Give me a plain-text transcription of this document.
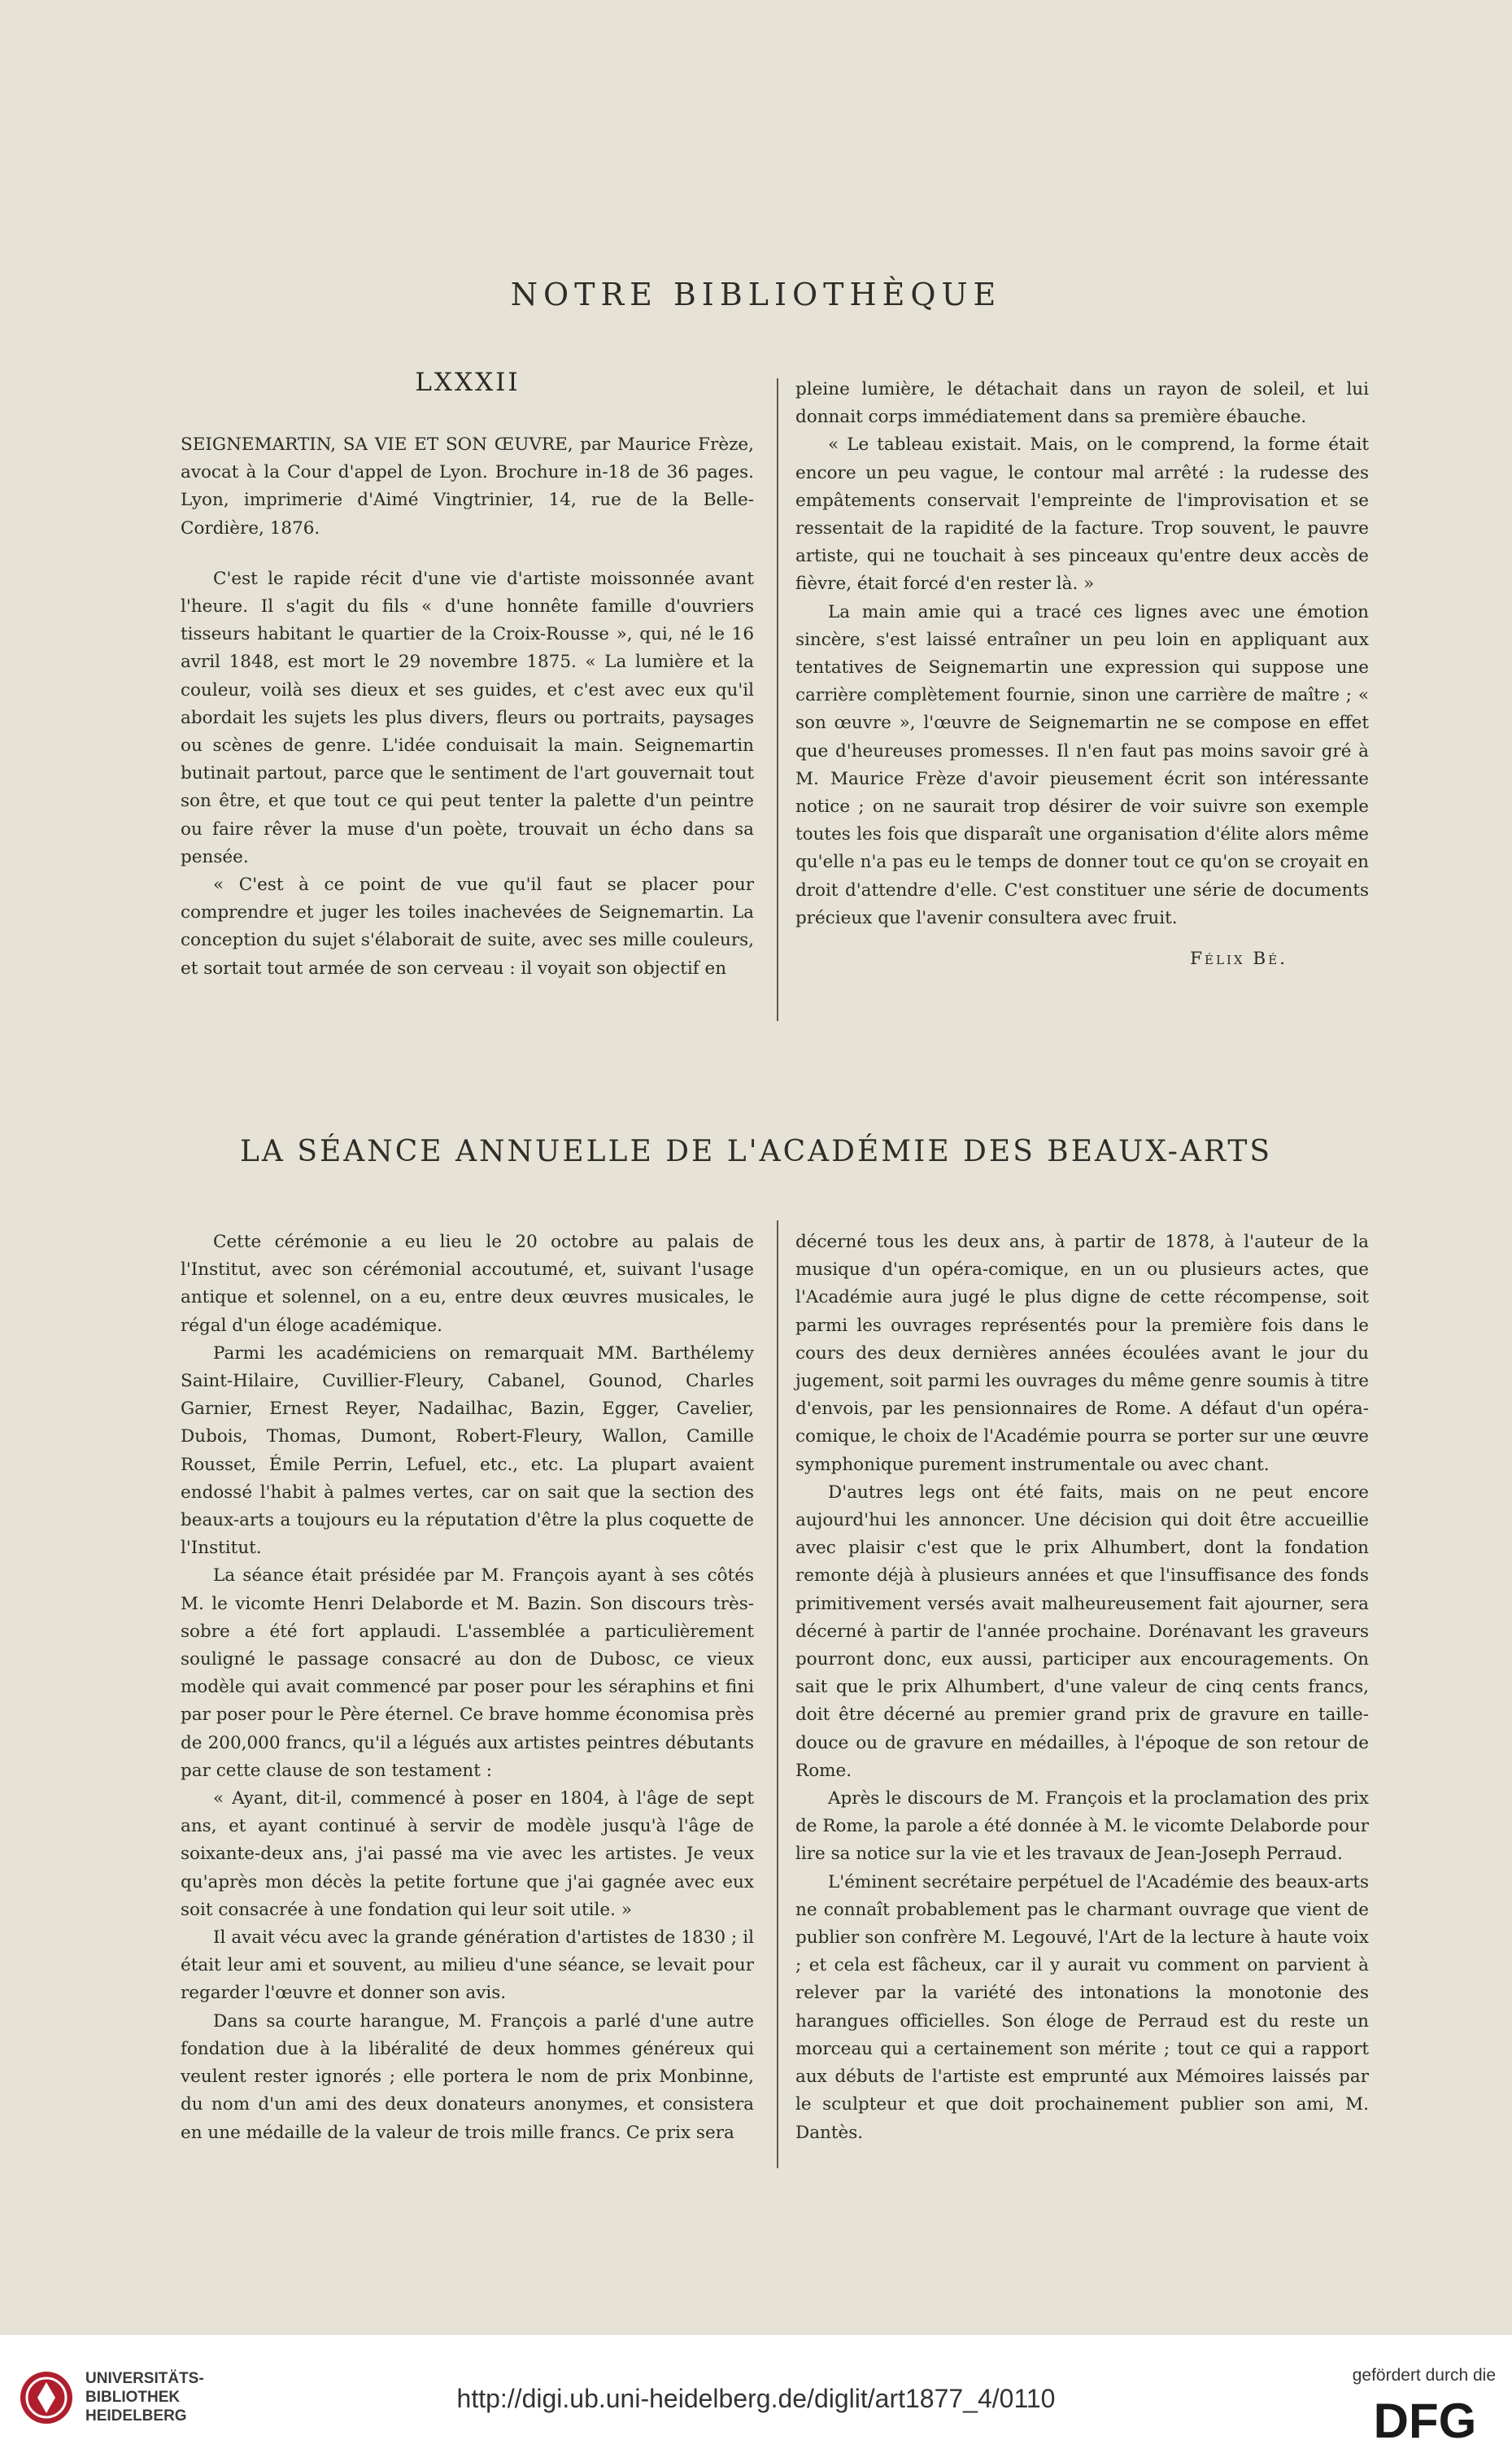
NOTRE BIBLIOTHÈQUE
LXXXII

SEIGNEMARTIN, SA VIE ET SON ŒUVRE, par Maurice Frèze, avocat à la Cour d'appel de Lyon. Brochure in-18 de 36 pages. Lyon, imprimerie d'Aimé Vingtrinier, 14, rue de la Belle-Cordière, 1876.

C'est le rapide récit d'une vie d'artiste moissonnée avant l'heure. Il s'agit du fils « d'une honnête famille d'ouvriers tisseurs habitant le quartier de la Croix-Rousse », qui, né le 16 avril 1848, est mort le 29 novembre 1875. « La lumière et la couleur, voilà ses dieux et ses guides, et c'est avec eux qu'il abordait les sujets les plus divers, fleurs ou portraits, paysages ou scènes de genre. L'idée conduisait la main. Seignemartin butinait partout, parce que le sentiment de l'art gouvernait tout son être, et que tout ce qui peut tenter la palette d'un peintre ou faire rêver la muse d'un poète, trouvait un écho dans sa pensée.

« C'est à ce point de vue qu'il faut se placer pour comprendre et juger les toiles inachevées de Seignemartin. La conception du sujet s'élaborait de suite, avec ses mille couleurs, et sortait tout armée de son cerveau : il voyait son objectif en

pleine lumière, le détachait dans un rayon de soleil, et lui donnait corps immédiatement dans sa première ébauche.

« Le tableau existait. Mais, on le comprend, la forme était encore un peu vague, le contour mal arrêté : la rudesse des empâtements conservait l'empreinte de l'improvisation et se ressentait de la rapidité de la facture. Trop souvent, le pauvre artiste, qui ne touchait à ses pinceaux qu'entre deux accès de fièvre, était forcé d'en rester là. »

La main amie qui a tracé ces lignes avec une émotion sincère, s'est laissé entraîner un peu loin en appliquant aux tentatives de Seignemartin une expression qui suppose une carrière complètement fournie, sinon une carrière de maître ; « son œuvre », l'œuvre de Seignemartin ne se compose en effet que d'heureuses promesses. Il n'en faut pas moins savoir gré à M. Maurice Frèze d'avoir pieusement écrit son intéressante notice ; on ne saurait trop désirer de voir suivre son exemple toutes les fois que disparaît une organisation d'élite alors même qu'elle n'a pas eu le temps de donner tout ce qu'on se croyait en droit d'attendre d'elle. C'est constituer une série de documents précieux que l'avenir consultera avec fruit.

Félix Bé.

LA SÉANCE ANNUELLE DE L'ACADÉMIE DES BEAUX-ARTS

Cette cérémonie a eu lieu le 20 octobre au palais de l'Institut, avec son cérémonial accoutumé, et, suivant l'usage antique et solennel, on a eu, entre deux œuvres musicales, le régal d'un éloge académique.

Parmi les académiciens on remarquait MM. Barthélemy Saint-Hilaire, Cuvillier-Fleury, Cabanel, Gounod, Charles Garnier, Ernest Reyer, Nadailhac, Bazin, Egger, Cavelier, Dubois, Thomas, Dumont, Robert-Fleury, Wallon, Camille Rousset, Émile Perrin, Lefuel, etc., etc. La plupart avaient endossé l'habit à palmes vertes, car on sait que la section des beaux-arts a toujours eu la réputation d'être la plus coquette de l'Institut.

La séance était présidée par M. François ayant à ses côtés M. le vicomte Henri Delaborde et M. Bazin. Son discours très-sobre a été fort applaudi. L'assemblée a particulièrement souligné le passage consacré au don de Dubosc, ce vieux modèle qui avait commencé par poser pour les séraphins et fini par poser pour le Père éternel. Ce brave homme économisa près de 200,000 francs, qu'il a légués aux artistes peintres débutants par cette clause de son testament :

« Ayant, dit-il, commencé à poser en 1804, à l'âge de sept ans, et ayant continué à servir de modèle jusqu'à l'âge de soixante-deux ans, j'ai passé ma vie avec les artistes. Je veux qu'après mon décès la petite fortune que j'ai gagnée avec eux soit consacrée à une fondation qui leur soit utile. »

Il avait vécu avec la grande génération d'artistes de 1830 ; il était leur ami et souvent, au milieu d'une séance, se levait pour regarder l'œuvre et donner son avis.

Dans sa courte harangue, M. François a parlé d'une autre fondation due à la libéralité de deux hommes généreux qui veulent rester ignorés ; elle portera le nom de prix Monbinne, du nom d'un ami des deux donateurs anonymes, et consistera en une médaille de la valeur de trois mille francs. Ce prix sera

décerné tous les deux ans, à partir de 1878, à l'auteur de la musique d'un opéra-comique, en un ou plusieurs actes, que l'Académie aura jugé le plus digne de cette récompense, soit parmi les ouvrages représentés pour la première fois dans le cours des deux dernières années écoulées avant le jour du jugement, soit parmi les ouvrages du même genre soumis à titre d'envois, par les pensionnaires de Rome. A défaut d'un opéra-comique, le choix de l'Académie pourra se porter sur une œuvre symphonique purement instrumentale ou avec chant.

D'autres legs ont été faits, mais on ne peut encore aujourd'hui les annoncer. Une décision qui doit être accueillie avec plaisir c'est que le prix Alhumbert, dont la fondation remonte déjà à plusieurs années et que l'insuffisance des fonds primitivement versés avait malheureusement fait ajourner, sera décerné à partir de l'année prochaine. Dorénavant les graveurs pourront donc, eux aussi, participer aux encouragements. On sait que le prix Alhumbert, d'une valeur de cinq cents francs, doit être décerné au premier grand prix de gravure en taille-douce ou de gravure en médailles, à l'époque de son retour de Rome.

Après le discours de M. François et la proclamation des prix de Rome, la parole a été donnée à M. le vicomte Delaborde pour lire sa notice sur la vie et les travaux de Jean-Joseph Perraud.

L'éminent secrétaire perpétuel de l'Académie des beaux-arts ne connaît probablement pas le charmant ouvrage que vient de publier son confrère M. Legouvé, l'Art de la lecture à haute voix ; et cela est fâcheux, car il y aurait vu comment on parvient à relever par la variété des intonations la monotonie des harangues officielles. Son éloge de Perraud est du reste un morceau qui a certainement son mérite ; tout ce qui a rapport aux débuts de l'artiste est emprunté aux Mémoires laissés par le sculpteur et que doit prochainement publier son ami, M. Dantès.

UNIVERSITÄTS-
BIBLIOTHEK
HEIDELBERG
http://digi.ub.uni-heidelberg.de/diglit/art1877_4/0110
gefördert durch die
DFG
